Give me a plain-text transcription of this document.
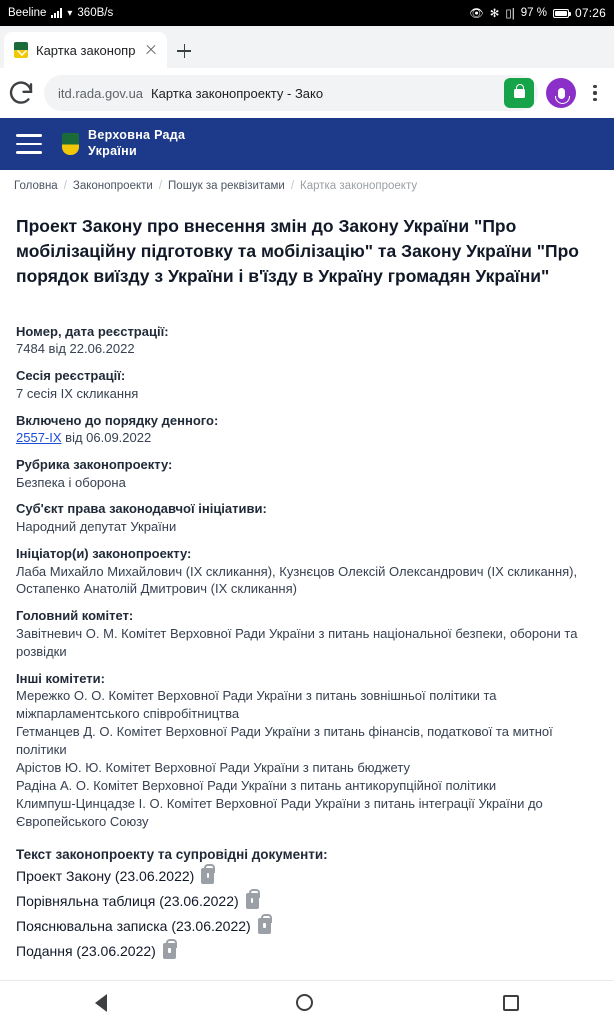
Beeline ▾ 360B/s	👁 ✻ ▯| 97 % 07:26
Картка законопр
itd.rada.gov.ua Картка законопроекту - Зако
Верховна Рада
України
Головна / Законопроекти / Пошук за реквізитами / Картка законопроекту
Проект Закону про внесення змін до Закону України "Про мобілізаційну підготовку та мобілізацію" та Закону України "Про порядок виїзду з України і в'їзду в Україну громадян України"
Номер, дата реєстрації:
7484 від 22.06.2022
Сесія реєстрації:
7 сесія IX скликання
Включено до порядку денного:
2557-IX від 06.09.2022
Рубрика законопроекту:
Безпека і оборона
Суб'єкт права законодавчої ініціативи:
Народний депутат України
Ініціатор(и) законопроекту:
Лаба Михайло Михайлович (IX скликання), Кузнєцов Олексій Олександрович (IX скликання), Остапенко Анатолій Дмитрович (IX скликання)
Головний комітет:
Завітневич О. М. Комітет Верховної Ради України з питань національної безпеки, оборони та розвідки
Інші комітети:
Мережко О. О. Комітет Верховної Ради України з питань зовнішньої політики та міжпарламентського співробітництва
Гетманцев Д. О. Комітет Верховної Ради України з питань фінансів, податкової та митної політики
Арістов Ю. Ю. Комітет Верховної Ради України з питань бюджету
Радіна А. О. Комітет Верховної Ради України з питань антикорупційної політики
Климпуш-Цинцадзе І. О. Комітет Верховної Ради України з питань інтеграції України до Європейського Союзу
Текст законопроекту та супровідні документи:
Проект Закону (23.06.2022)
Порівняльна таблиця (23.06.2022)
Пояснювальна записка (23.06.2022)
Подання (23.06.2022)
